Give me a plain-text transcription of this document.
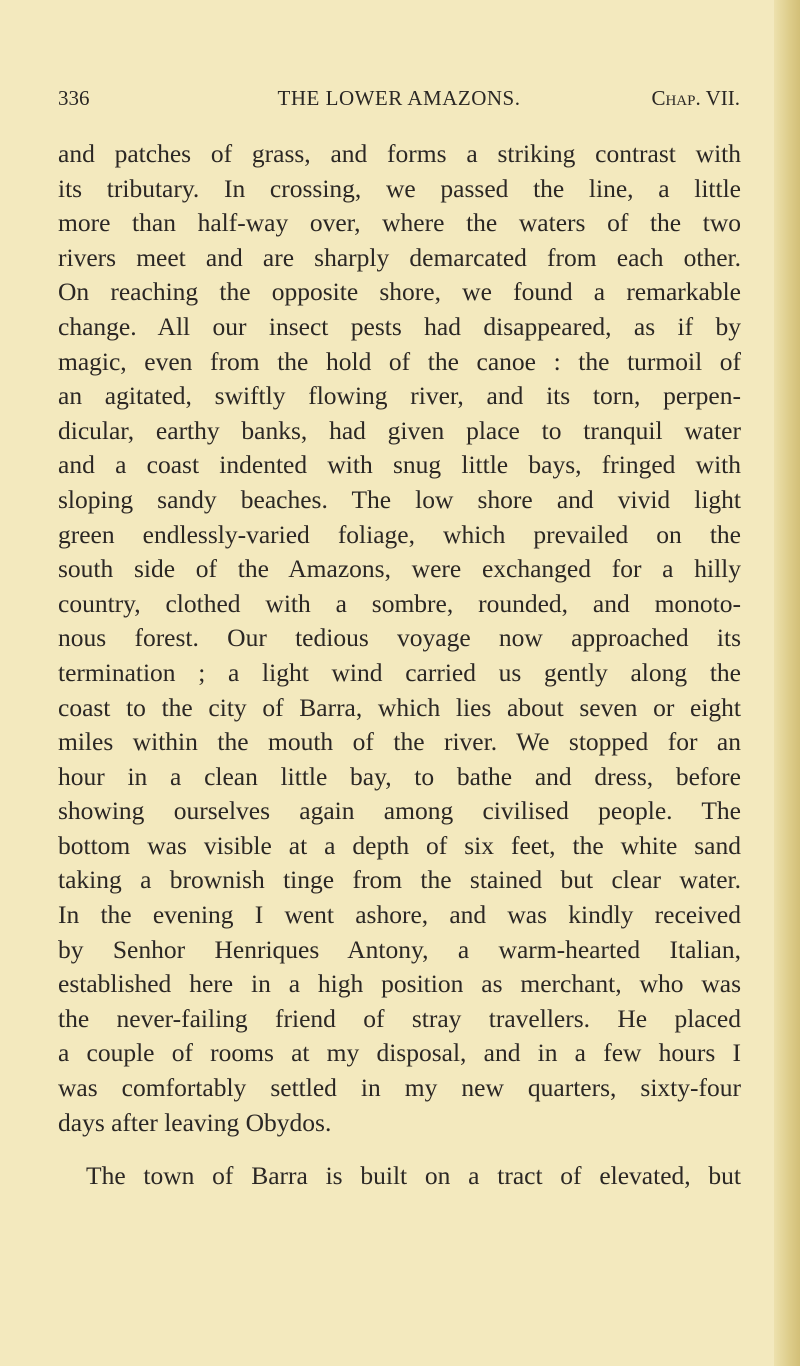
336	THE LOWER AMAZONS.	Chap. VII.
and patches of grass, and forms a striking contrast with
its tributary. In crossing, we passed the line, a little
more than half-way over, where the waters of the two
rivers meet and are sharply demarcated from each other.
On reaching the opposite shore, we found a remarkable
change. All our insect pests had disappeared, as if by
magic, even from the hold of the canoe : the turmoil of
an agitated, swiftly flowing river, and its torn, perpen-
dicular, earthy banks, had given place to tranquil water
and a coast indented with snug little bays, fringed with
sloping sandy beaches. The low shore and vivid light
green endlessly-varied foliage, which prevailed on the
south side of the Amazons, were exchanged for a hilly
country, clothed with a sombre, rounded, and monoto-
nous forest. Our tedious voyage now approached its
termination ; a light wind carried us gently along the
coast to the city of Barra, which lies about seven or eight
miles within the mouth of the river. We stopped for an
hour in a clean little bay, to bathe and dress, before
showing ourselves again among civilised people. The
bottom was visible at a depth of six feet, the white sand
taking a brownish tinge from the stained but clear water.
In the evening I went ashore, and was kindly received
by Senhor Henriques Antony, a warm-hearted Italian,
established here in a high position as merchant, who was
the never-failing friend of stray travellers. He placed
a couple of rooms at my disposal, and in a few hours I
was comfortably settled in my new quarters, sixty-four
days after leaving Obydos.
The town of Barra is built on a tract of elevated, but
